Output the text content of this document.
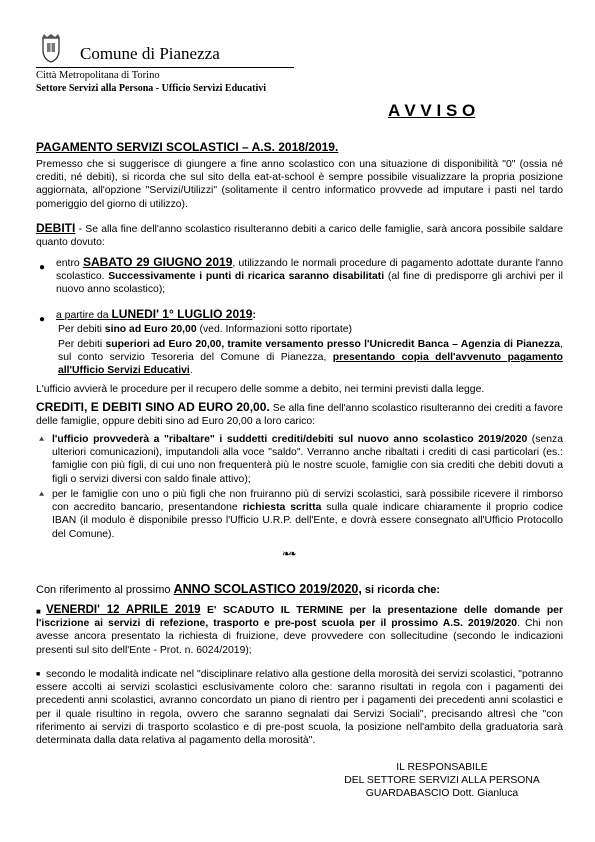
Comune di Pianezza
Città Metropolitana di Torino
Settore Servizi alla Persona - Ufficio Servizi Educativi
A V V I S O
PAGAMENTO SERVIZI SCOLASTICI – A.S. 2018/2019.
Premesso che si suggerisce di giungere a fine anno scolastico con una situazione di disponibilità "0" (ossia né crediti, né debiti), si ricorda che sul sito della eat-at-school è sempre possibile visualizzare la propria posizione aggiornata, all'opzione "Servizi/Utilizzi" (solitamente il centro informatico provvede ad imputare i pasti nel tardo pomeriggio del giorno di utilizzo).
DEBITI - Se alla fine dell'anno scolastico risulteranno debiti a carico delle famiglie, sarà ancora possibile saldare quanto dovuto:
● entro SABATO 29 GIUGNO 2019, utilizzando le normali procedure di pagamento adottate durante l'anno scolastico. Successivamente i punti di ricarica saranno disabilitati (al fine di predisporre gli archivi per il nuovo anno scolastico);
● a partire da LUNEDI' 1° LUGLIO 2019:
Per debiti sino ad Euro 20,00 (ved. Informazioni sotto riportate)
Per debiti superiori ad Euro 20,00, tramite versamento presso l'Unicredit Banca – Agenzia di Pianezza, sul conto servizio Tesoreria del Comune di Pianezza, presentando copia dell'avvenuto pagamento all'Ufficio Servizi Educativi.
L'ufficio avvierà le procedure per il recupero delle somme a debito, nei termini previsti dalla legge.
CREDITI, E DEBITI SINO AD EURO 20,00. Se alla fine dell'anno scolastico risulteranno dei crediti a favore delle famiglie, oppure debiti sino ad Euro 20,00 a loro carico:
⯅ l'ufficio provvederà a "ribaltare" i suddetti crediti/debiti sul nuovo anno scolastico 2019/2020 (senza ulteriori comunicazioni), imputandoli alla voce "saldo". Verranno anche ribaltati i crediti di casi particolari (es.: famiglie con più figli, di cui uno non frequenterà più le nostre scuole, famiglie con sia crediti che debiti dovuti a figli o servizi diversi con saldo finale attivo);
⯅ per le famiglie con uno o più figli che non fruiranno più di servizi scolastici, sarà possibile ricevere il rimborso con accredito bancario, presentandone richiesta scritta sulla quale indicare chiaramente il proprio codice IBAN (il modulo è disponibile presso l'Ufficio U.R.P. dell'Ente, e dovrà essere consegnato all'Ufficio Protocollo del Comune).
❧❧
Con riferimento al prossimo ANNO SCOLASTICO 2019/2020, si ricorda che:
■ VENERDI' 12 APRILE 2019 E' SCADUTO IL TERMINE per la presentazione delle domande per l'iscrizione ai servizi di refezione, trasporto e pre-post scuola per il prossimo A.S. 2019/2020. Chi non avesse ancora presentato la richiesta di fruizione, deve provvedere con sollecitudine (secondo le indicazioni presenti sul sito dell'Ente - Prot. n. 6024/2019);
■ secondo le modalità indicate nel "disciplinare relativo alla gestione della morosità dei servizi scolastici, "potranno essere accolti ai servizi scolastici esclusivamente coloro che: saranno risultati in regola con i pagamenti dei precedenti anni scolastici, avranno concordato un piano di rientro per i pagamenti dei precedenti anni scolastici e per il quale risultino in regola, ovvero che saranno segnalati dai Servizi Sociali", precisando altresì che "con riferimento ai servizi di trasporto scolastico e di pre-post scuola, la posizione nell'ambito della graduatoria sarà determinata dalla data relativa al pagamento della morosità".
IL RESPONSABILE
DEL SETTORE SERVIZI ALLA PERSONA
GUARDABASCIO Dott. Gianluca
